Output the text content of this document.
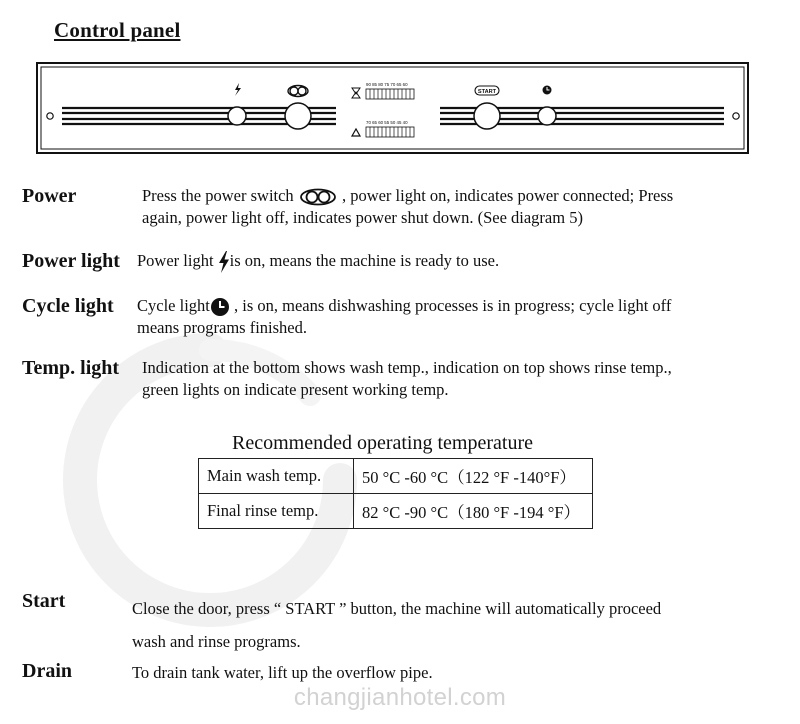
Control panel
90 85 80 75 70 65 60
70 65 60 55 50 45 40
START
Power	Press the power switch	, power light on, indicates power connected; Press
again, power light off, indicates power shut down. (See diagram 5)
Power light Power light is on, means the machine is ready to use.
Cycle light Cycle light , is on, means dishwashing processes is in progress; cycle light off
means programs finished.
Temp. light Indication at the bottom shows wash temp., indication on top shows rinse temp.,
green lights on indicate present working temp.
Recommended operating temperature
Main wash temp.	50 °C -60 °C（122 °F -140°F）
Final rinse temp.	82 °C -90 °C（180 °F -194 °F）
Start	Close the door, press “ START ” button, the machine will automatically proceed
wash and rinse programs.
Drain	To drain tank water, lift up the overflow pipe.
changjianhotel.com
